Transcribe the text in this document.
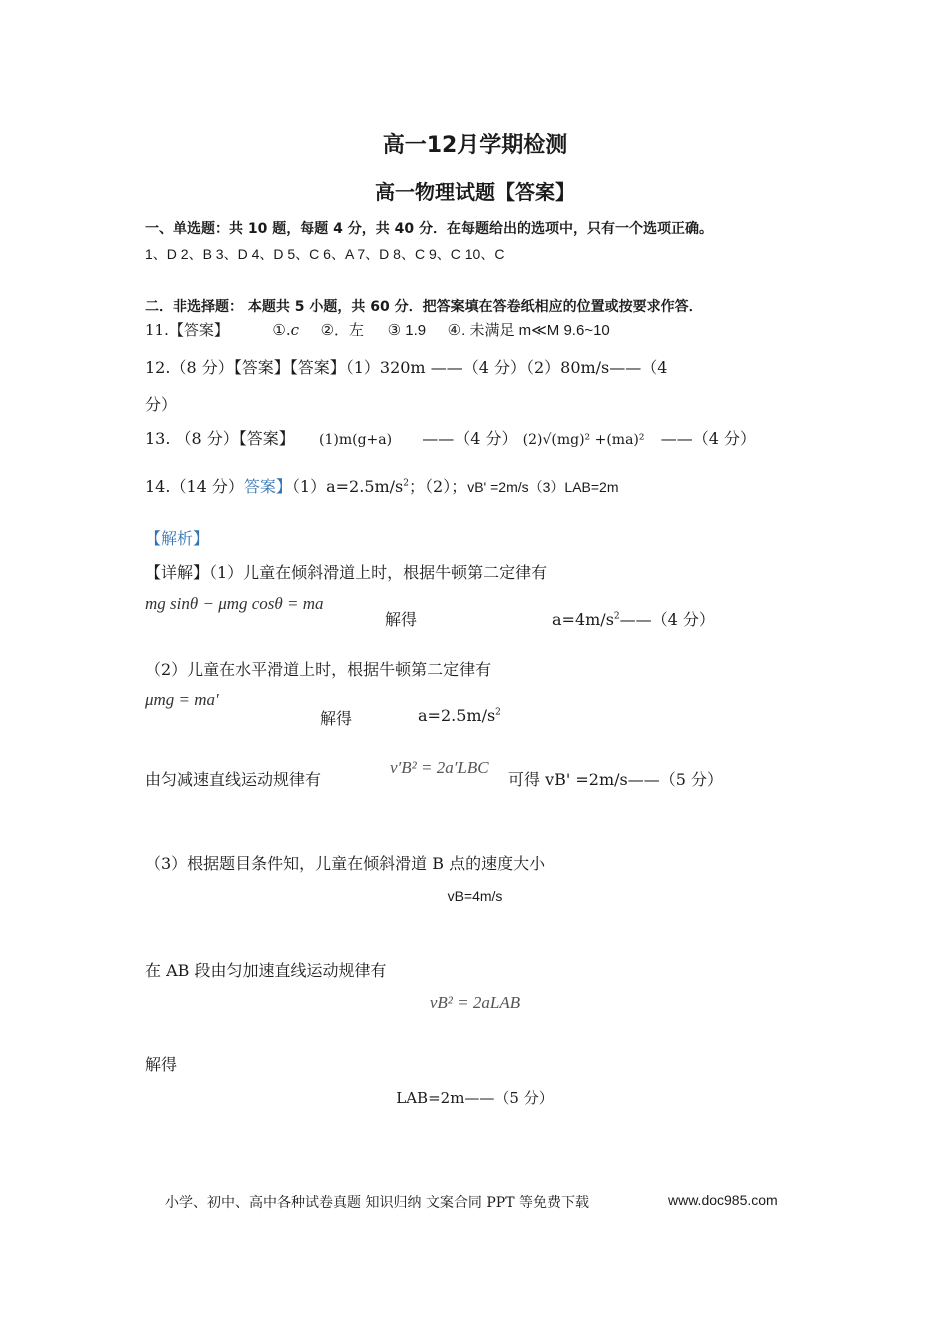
高一12月学期检测
高一物理试题【答案】
一、单选题：共 10 题，每题 4 分，共 40 分．在每题给出的选项中，只有一个选项正确。
1、D 2、B 3、D 4、D 5、C 6、A 7、D 8、C 9、C 10、C
二．非选择题： 本题共 5 小题，共 60 分．把答案填在答卷纸相应的位置或按要求作答．
11.【答案】	①.c ②．左 ③ 1.9 ④. 未满足 m≪M 9.6~10
12.（8 分）【答案】【答案】（1）320m ——（4 分）（2）80m/s——（4
分）
13. （8 分）【答案】 (1)m(g+a) ——（4 分） (2)√(mg)² +(ma)² ——（4 分）
14.（14 分）答案】$(1)a=2.5m/s^2$；（2）；vB' =2m/s（3）LAB=2m
【解析】
【详解】（1）儿童在倾斜滑道上时，根据牛顿第二定律有
mg sinθ − μmg cosθ = ma
解得	$a=4m/s^2——(4$ 分）
（2）儿童在水平滑道上时，根据牛顿第二定律有
μmg = ma′
解得	$a=2.5m/s^2$
由匀减速直线运动规律有
v′B² = 2a′LBC
可得 vB' =2m/s——（5 分）
（3）根据题目条件知，儿童在倾斜滑道 B 点的速度大小
vB=4m/s
在 AB 段由匀加速直线运动规律有
vB² = 2aLAB
解得
LAB=2m——（5 分）
小学、初中、高中各种试卷真题 知识归纳 文案合同 PPT 等免费下载	www.doc985.com
